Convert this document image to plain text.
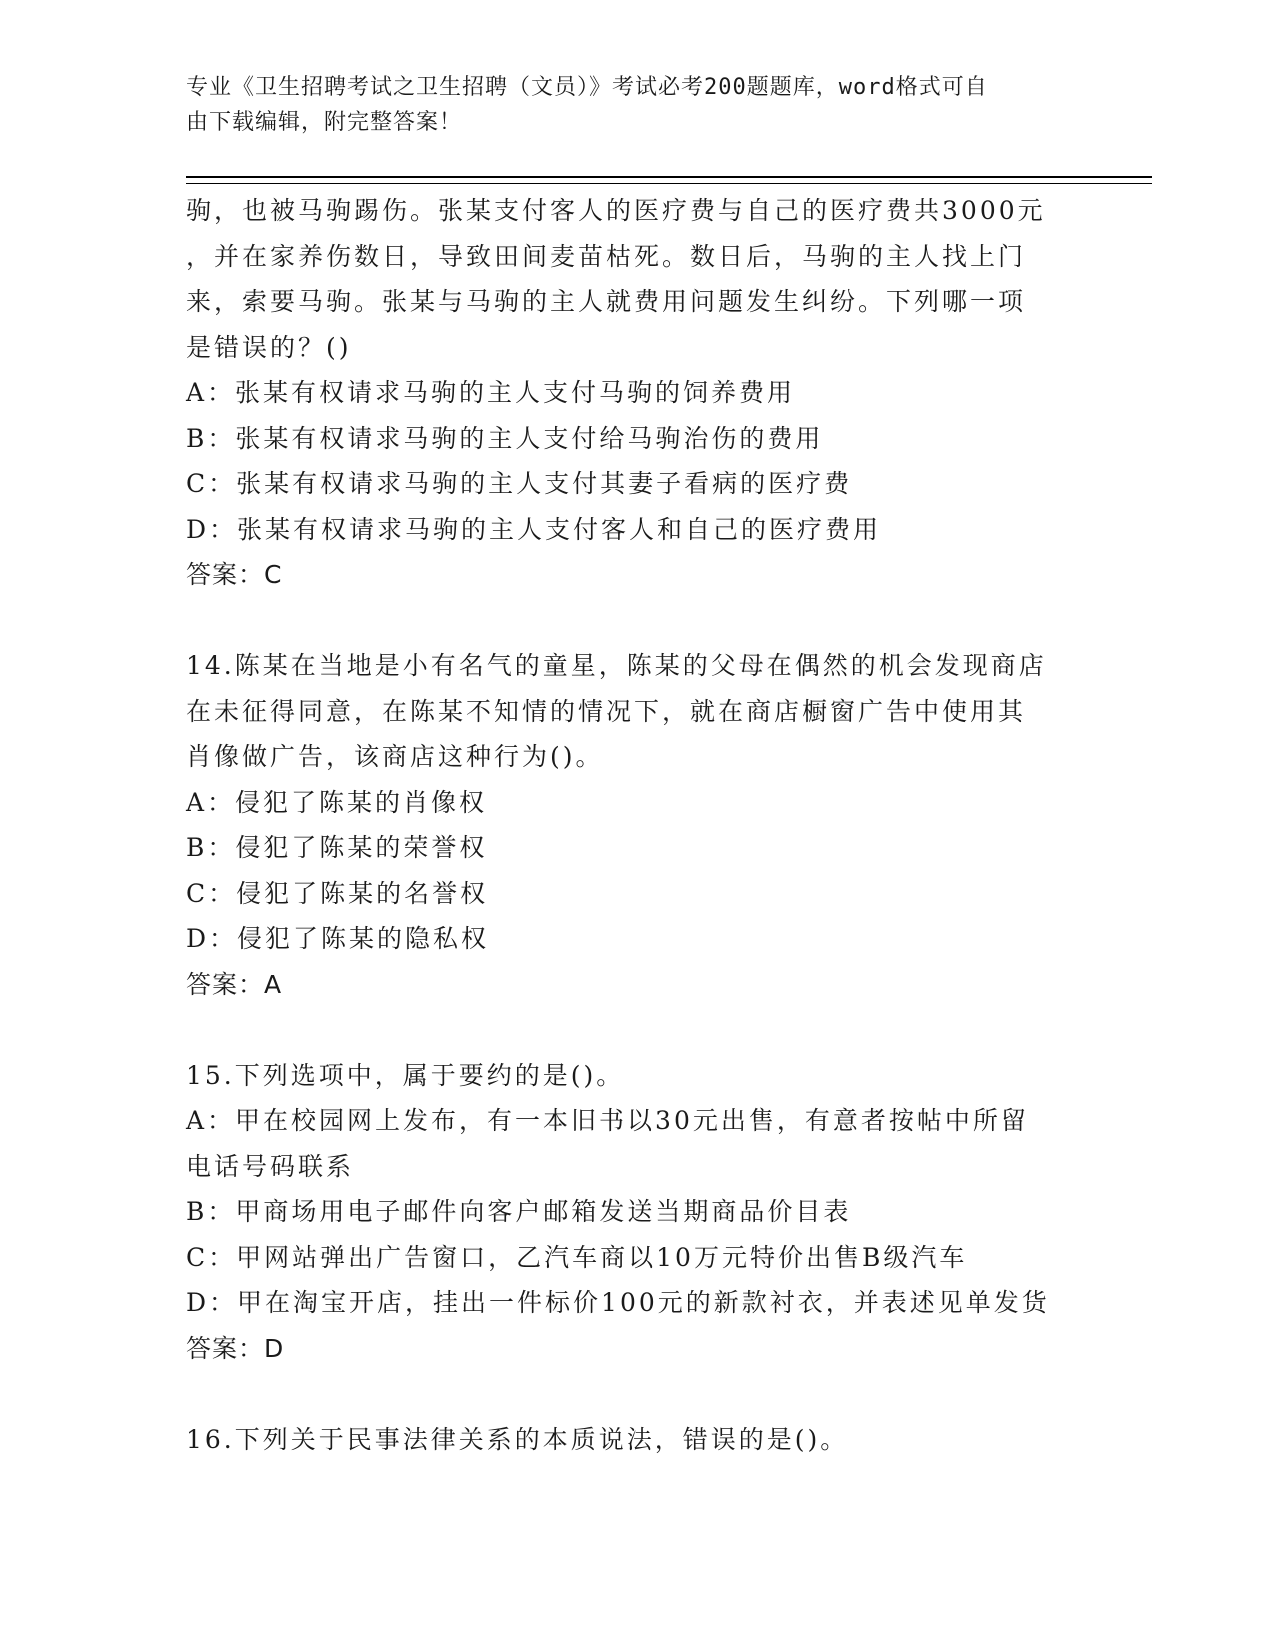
专业《卫生招聘考试之卫生招聘（文员）》考试必考200题题库，word格式可自
由下载编辑，附完整答案！
驹，也被马驹踢伤。张某支付客人的医疗费与自己的医疗费共3000元
，并在家养伤数日，导致田间麦苗枯死。数日后，马驹的主人找上门
来，索要马驹。张某与马驹的主人就费用问题发生纠纷。下列哪一项
是错误的？()
A：张某有权请求马驹的主人支付马驹的饲养费用
B：张某有权请求马驹的主人支付给马驹治伤的费用
C：张某有权请求马驹的主人支付其妻子看病的医疗费
D：张某有权请求马驹的主人支付客人和自己的医疗费用
答案：C
14.陈某在当地是小有名气的童星，陈某的父母在偶然的机会发现商店
在未征得同意，在陈某不知情的情况下，就在商店橱窗广告中使用其
肖像做广告，该商店这种行为()。
A：侵犯了陈某的肖像权
B：侵犯了陈某的荣誉权
C：侵犯了陈某的名誉权
D：侵犯了陈某的隐私权
答案：A
15.下列选项中，属于要约的是()。
A：甲在校园网上发布，有一本旧书以30元出售，有意者按帖中所留
电话号码联系
B：甲商场用电子邮件向客户邮箱发送当期商品价目表
C：甲网站弹出广告窗口，乙汽车商以10万元特价出售B级汽车
D：甲在淘宝开店，挂出一件标价100元的新款衬衣，并表述见单发货
答案：D
16.下列关于民事法律关系的本质说法，错误的是()。
